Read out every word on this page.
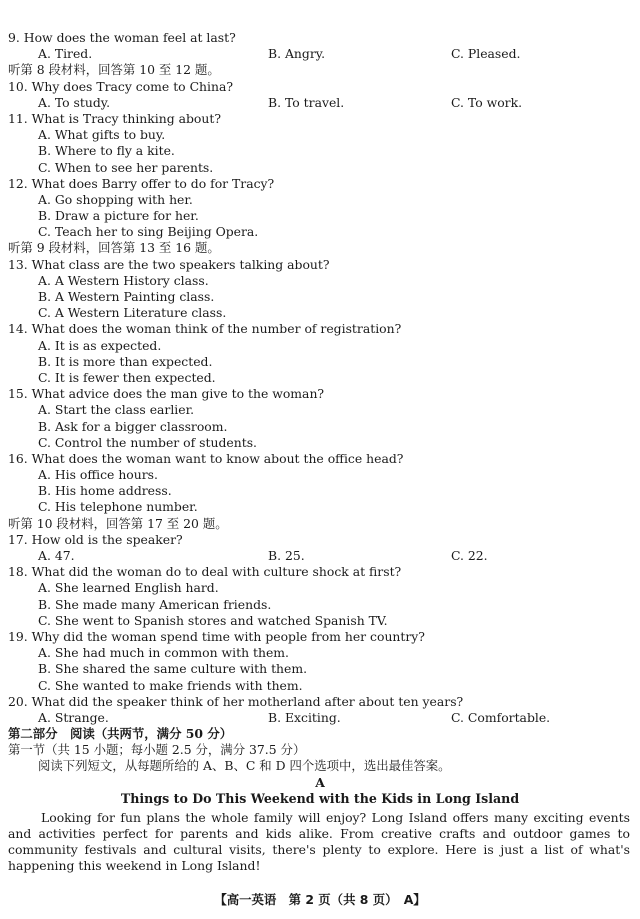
9. How does the woman feel at last?
A. Tired.	B. Angry.	C. Pleased.
听第 8 段材料，回答第 10 至 12 题。
10. Why does Tracy come to China?
A. To study.	B. To travel.	C. To work.
11. What is Tracy thinking about?
A. What gifts to buy.
B. Where to fly a kite.
C. When to see her parents.
12. What does Barry offer to do for Tracy?
A. Go shopping with her.
B. Draw a picture for her.
C. Teach her to sing Beijing Opera.
听第 9 段材料，回答第 13 至 16 题。
13. What class are the two speakers talking about?
A. A Western History class.
B. A Western Painting class.
C. A Western Literature class.
14. What does the woman think of the number of registration?
A. It is as expected.
B. It is more than expected.
C. It is fewer then expected.
15. What advice does the man give to the woman?
A. Start the class earlier.
B. Ask for a bigger classroom.
C. Control the number of students.
16. What does the woman want to know about the office head?
A. His office hours.
B. His home address.
C. His telephone number.
听第 10 段材料，回答第 17 至 20 题。
17. How old is the speaker?
A. 47.	B. 25.	C. 22.
18. What did the woman do to deal with culture shock at first?
A. She learned English hard.
B. She made many American friends.
C. She went to Spanish stores and watched Spanish TV.
19. Why did the woman spend time with people from her country?
A. She had much in common with them.
B. She shared the same culture with them.
C. She wanted to make friends with them.
20. What did the speaker think of her motherland after about ten years?
A. Strange.	B. Exciting.	C. Comfortable.
第二部分　阅读（共两节，满分 50 分）
第一节（共 15 小题；每小题 2.5 分，满分 37.5 分）
阅读下列短文，从每题所给的 A、B、C 和 D 四个选项中，选出最佳答案。
A
Things to Do This Weekend with the Kids in Long Island

Looking for fun plans the whole family will enjoy? Long Island offers many exciting events and activities perfect for parents and kids alike. From creative crafts and outdoor games to community festivals and cultural visits, there's plenty to explore. Here is just a list of what's happening this weekend in Long Island!

【高一英语　第 2 页（共 8 页）　A】
